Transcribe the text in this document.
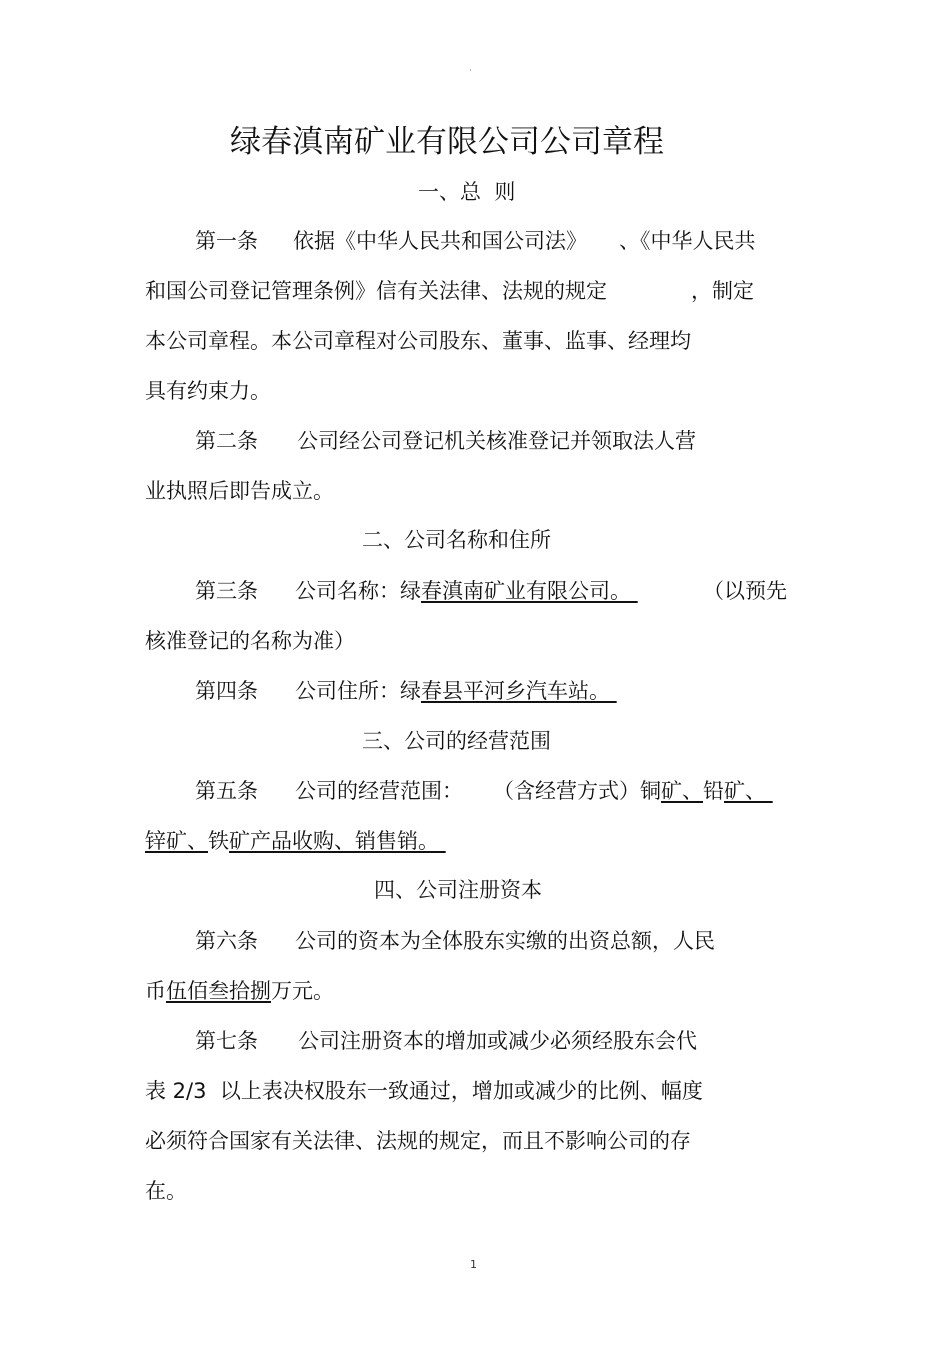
˙
绿春滇南矿业有限公司公司章程
一、总  则
第一条 依据《中华人民共和国公司法》 、《中华人民共
和国公司登记管理条例》信有关法律、法规的规定	，制定
本公司章程。本公司章程对公司股东、董事、监事、经理均
具有约束力。
第二条 公司经公司登记机关核准登记并领取法人营
业执照后即告成立。
二、公司名称和住所
第三条 公司名称：绿春滇南矿业有限公司。	（以预先
核准登记的名称为准）
第四条 公司住所：绿春县平河乡汽车站。
三、公司的经营范围
第五条 公司的经营范围： （含经营方式）铜矿、铅矿、
锌矿、铁矿产品收购、销售销。
四、公司注册资本
第六条 公司的资本为全体股东实缴的出资总额，人民
币伍佰叁拾捌万元。
第七条 公司注册资本的增加或减少必须经股东会代
表 2/3  以上表决权股东一致通过，增加或减少的比例、幅度
必须符合国家有关法律、法规的规定，而且不影响公司的存
在。
1
